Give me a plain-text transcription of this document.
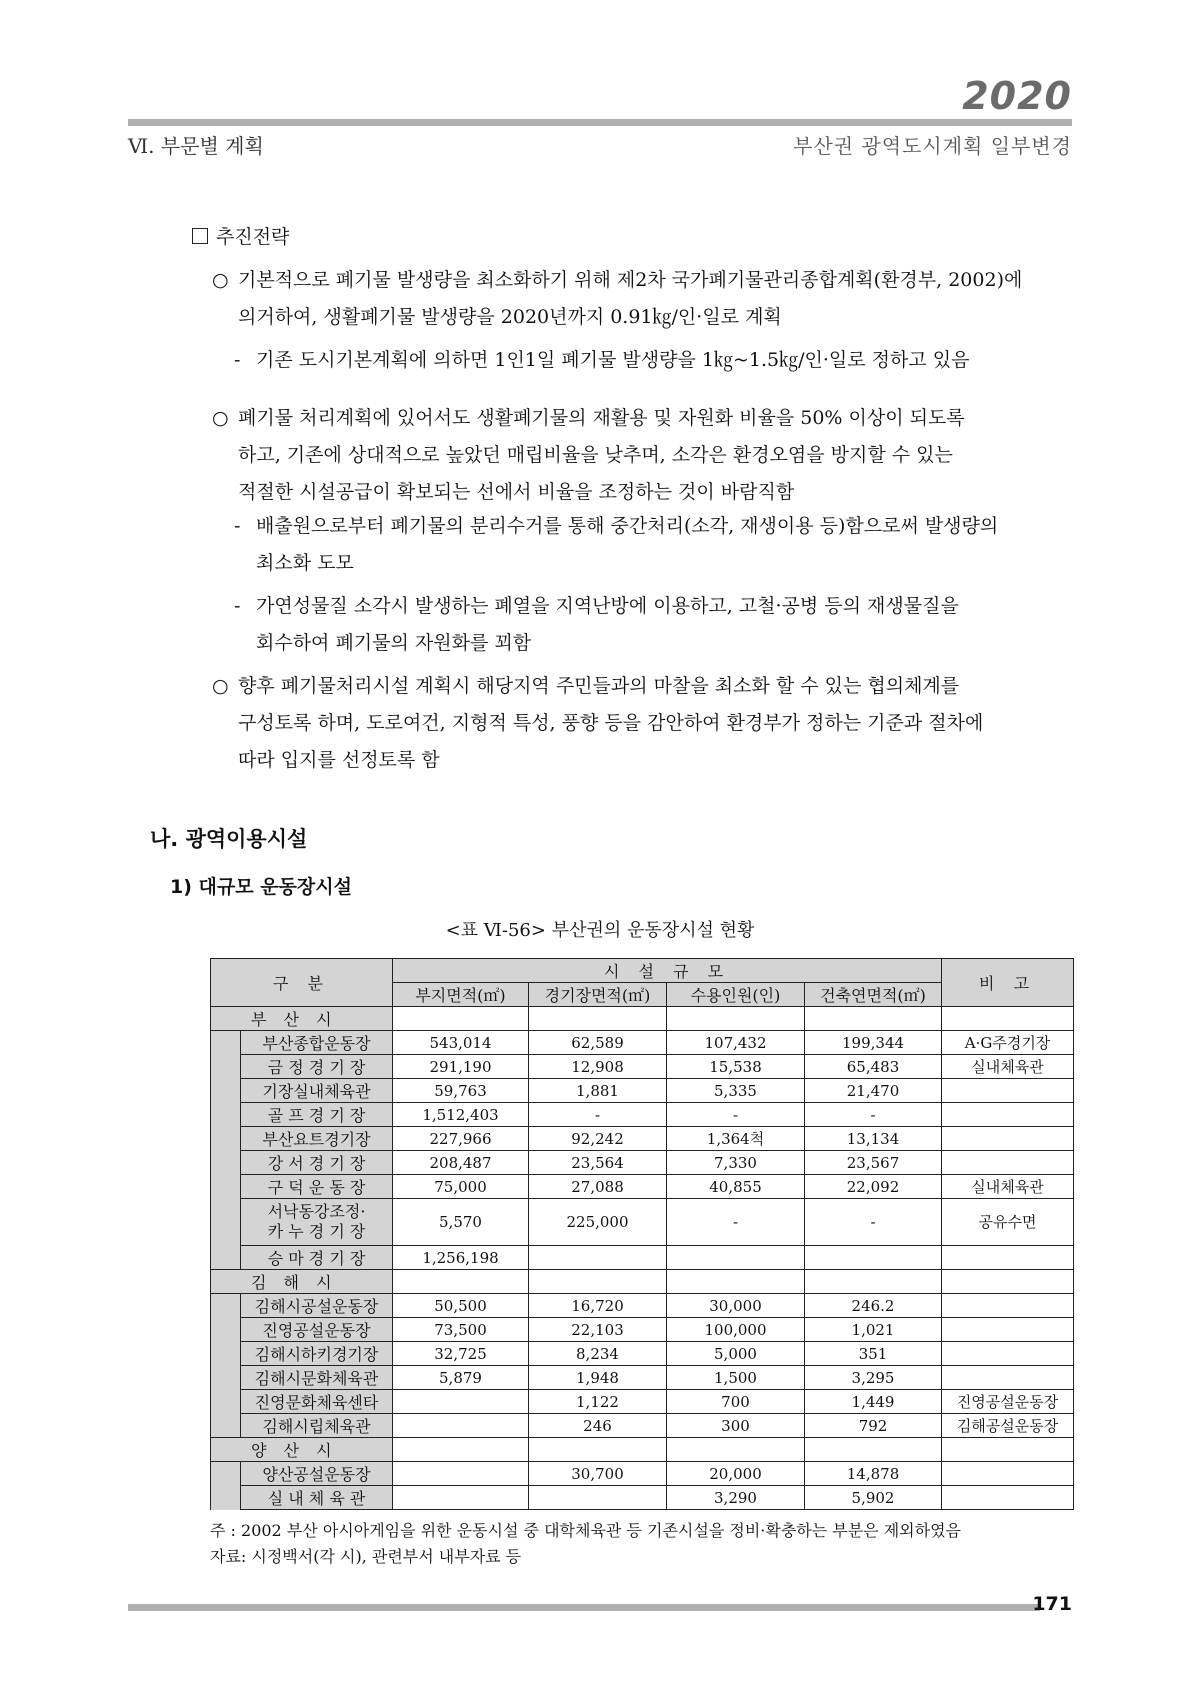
2020
Ⅵ. 부문별 계획	부산권 광역도시계획 일부변경
추진전략
○ 기본적으로 폐기물 발생량을 최소화하기 위해 제2차 국가폐기물관리종합계획(환경부, 2002)에
의거하여, 생활폐기물 발생량을 2020년까지 0.91㎏/인·일로 계획
- 기존 도시기본계획에 의하면 1인1일 폐기물 발생량을 1㎏~1.5㎏/인·일로 정하고 있음
○ 폐기물 처리계획에 있어서도 생활폐기물의 재활용 및 자원화 비율을 50% 이상이 되도록
하고, 기존에 상대적으로 높았던 매립비율을 낮추며, 소각은 환경오염을 방지할 수 있는
적절한 시설공급이 확보되는 선에서 비율을 조정하는 것이 바람직함
- 배출원으로부터 폐기물의 분리수거를 통해 중간처리(소각, 재생이용 등)함으로써 발생량의
최소화 도모
- 가연성물질 소각시 발생하는 폐열을 지역난방에 이용하고, 고철·공병 등의 재생물질을
회수하여 폐기물의 자원화를 꾀함
○ 향후 폐기물처리시설 계획시 해당지역 주민들과의 마찰을 최소화 할 수 있는 협의체계를
구성토록 하며, 도로여건, 지형적 특성, 풍향 등을 감안하여 환경부가 정하는 기준과 절차에
따라 입지를 선정토록 함
나. 광역이용시설
1) 대규모 운동장시설
<표 Ⅵ-56> 부산권의 운동장시설 현황
구 분		시 설 규 모				비 고
		부지면적(㎡)	경기장면적(㎡)	수용인원(인)	건축연면적(㎡)	
부 산 시						

	부산종합운동장	543,014	62,589	107,432	199,344	A·G주경기장

	금 정 경 기 장	291,190	12,908	15,538	65,483	실내체육관

	기장실내체육관	59,763	1,881	5,335	21,470	

	골 프 경 기 장	1,512,403	-	-	-	

	부산요트경기장	227,966	92,242	1,364척	13,134	

	강 서 경 기 장	208,487	23,564	7,330	23,567	

	구 덕 운 동 장	75,000	27,088	40,855	22,092	실내체육관

	서낙동강조정·
카 누 경 기 장	5,570	225,000	-	-	공유수면

	승 마 경 기 장	1,256,198				
김 해 시						

	김해시공설운동장	50,500	16,720	30,000	246.2	

	진영공설운동장	73,500	22,103	100,000	1,021	

	김해시하키경기장	32,725	8,234	5,000	351	

	김해시문화체육관	5,879	1,948	1,500	3,295	

	진영문화체육센타		1,122	700	1,449	진영공설운동장

	김해시립체육관		246	300	792	김해공설운동장
양 산 시						

	양산공설운동장		30,700	20,000	14,878	

	실 내 체 육 관			3,290	5,902	
주 : 2002 부산 아시아게임을 위한 운동시설 중 대학체육관 등 기존시설을 정비·확충하는 부분은 제외하였음
자료: 시정백서(각 시), 관련부서 내부자료 등
171
